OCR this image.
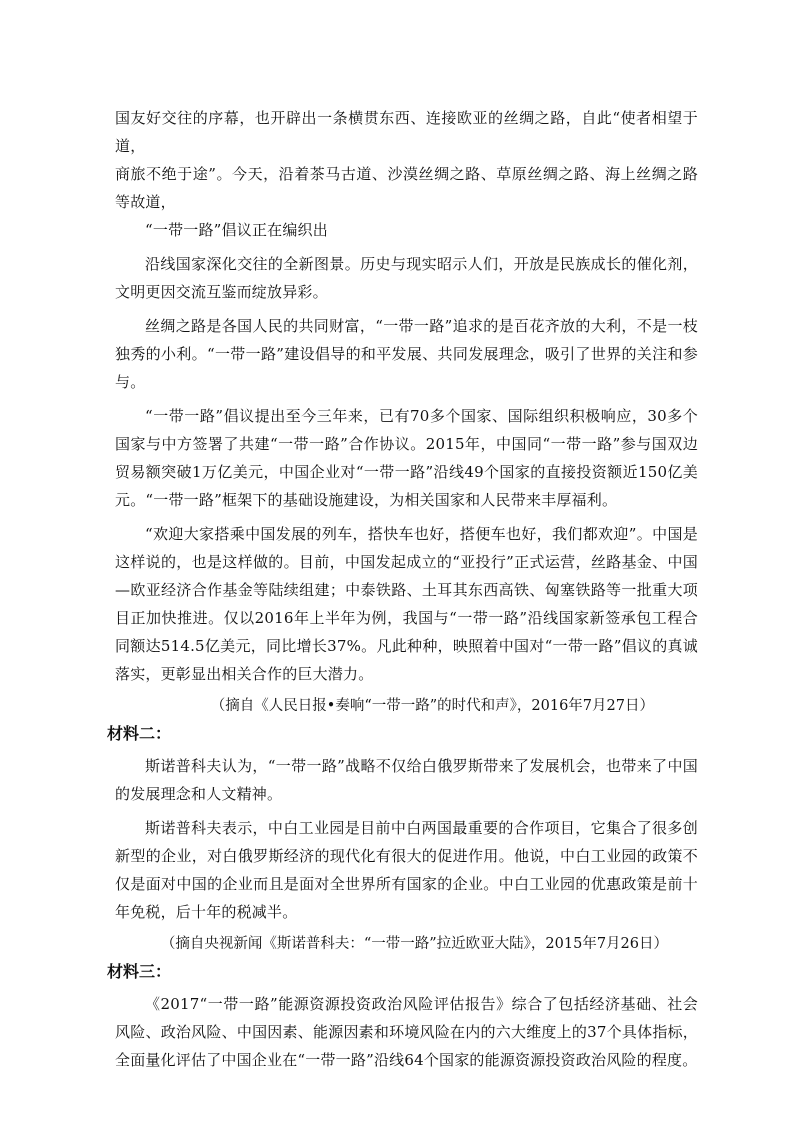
国友好交往的序幕，也开辟出一条横贯东西、连接欧亚的丝绸之路，自此“使者相望于道，
商旅不绝于途”。今天，沿着茶马古道、沙漠丝绸之路、草原丝绸之路、海上丝绸之路等故道，
“一带一路”倡议正在编织出

沿线国家深化交往的全新图景。历史与现实昭示人们，开放是民族成长的催化剂，文明更因交流互鉴而绽放异彩。

丝绸之路是各国人民的共同财富，“一带一路”追求的是百花齐放的大利，不是一枝独秀的小利。“一带一路”建设倡导的和平发展、共同发展理念，吸引了世界的关注和参与。

“一带一路”倡议提出至今三年来，已有70多个国家、国际组织积极响应，30多个国家与中方签署了共建“一带一路”合作协议。2015年，中国同“一带一路”参与国双边贸易额突破1万亿美元，中国企业对“一带一路”沿线49个国家的直接投资额近150亿美元。“一带一路”框架下的基础设施建设，为相关国家和人民带来丰厚福利。

“欢迎大家搭乘中国发展的列车，搭快车也好，搭便车也好，我们都欢迎”。中国是这样说的，也是这样做的。目前，中国发起成立的“亚投行”正式运营，丝路基金、中国—欧亚经济合作基金等陆续组建；中泰铁路、土耳其东西高铁、匈塞铁路等一批重大项目正加快推进。仅以2016年上半年为例，我国与“一带一路”沿线国家新签承包工程合同额达514.5亿美元，同比增长37%。凡此种种，映照着中国对“一带一路”倡议的真诚落实，更彰显出相关合作的巨大潜力。

（摘自《人民日报•奏响“一带一路”的时代和声》，2016年7月27日）

材料二：

斯诺普科夫认为，“一带一路”战略不仅给白俄罗斯带来了发展机会，也带来了中国的发展理念和人文精神。

斯诺普科夫表示，中白工业园是目前中白两国最重要的合作项目，它集合了很多创新型的企业，对白俄罗斯经济的现代化有很大的促进作用。他说，中白工业园的政策不仅是面对中国的企业而且是面对全世界所有国家的企业。中白工业园的优惠政策是前十年免税，后十年的税减半。

（摘自央视新闻《斯诺普科夫：“一带一路”拉近欧亚大陆》，2015年7月26日）

材料三：

《2017“一带一路”能源资源投资政治风险评估报告》综合了包括经济基础、社会风险、政治风险、中国因素、能源因素和环境风险在内的六大维度上的37个具体指标，全面量化评估了中国企业在“一带一路”沿线64个国家的能源资源投资政治风险的程度。
